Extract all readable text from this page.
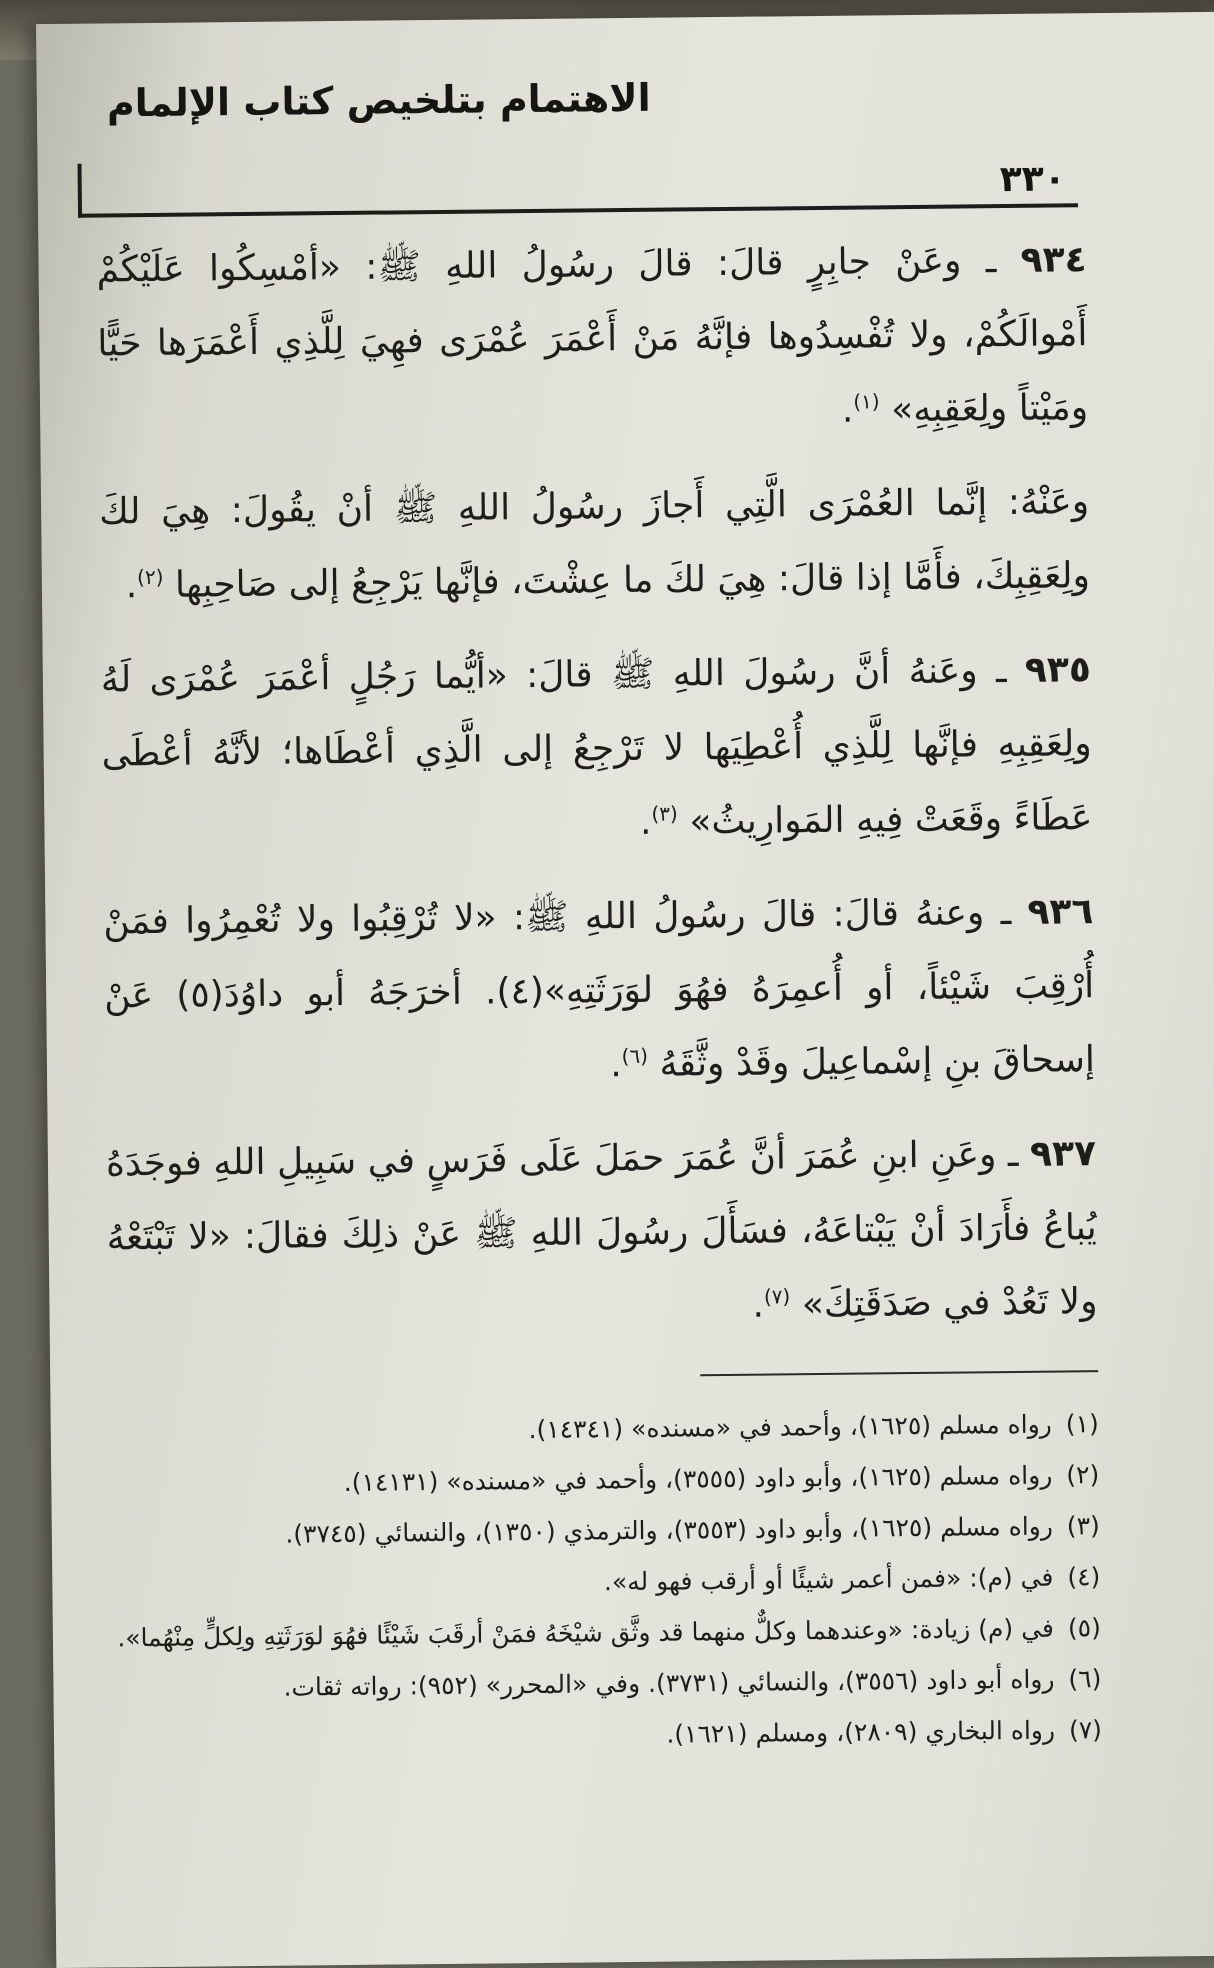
الاهتمام بتلخيص كتاب الإلمام
٣٣٠

٩٣٤ ـ وعَنْ جابِرٍ قالَ: قالَ رسُولُ اللهِ ﷺ: «أمْسِكُوا عَلَيْكُمْ أَمْوالَكُمْ، ولا تُفْسِدُوها فإنَّهُ مَنْ أَعْمَرَ عُمْرَى فهِيَ لِلَّذِي أَعْمَرَها حَيًّا ومَيْتاً ولِعَقِبِهِ» $^{(١)}$.

وعَنْهُ: إنَّما العُمْرَى الَّتِي أَجازَ رسُولُ اللهِ ﷺ أنْ يقُولَ: هِيَ لكَ ولِعَقِبِكَ، فأَمَّا إذا قالَ: هِيَ لكَ ما عِشْتَ، فإنَّها يَرْجِعُ إلى صَاحِبِها $^{(٢)}$.

٩٣٥ ـ وعَنهُ أنَّ رسُولَ اللهِ ﷺ قالَ: «أيُّما رَجُلٍ أعْمَرَ عُمْرَى لَهُ ولِعَقِبِهِ فإنَّها لِلَّذِي أُعْطِيَها لا تَرْجِعُ إلى الَّذِي أعْطَاها؛ لأنَّهُ أعْطَى عَطَاءً وقَعَتْ فِيهِ المَوارِيثُ» $^{(٣)}$.

٩٣٦ ـ وعنهُ قالَ: قالَ رسُولُ اللهِ ﷺ: «لا تُرْقِبُوا ولا تُعْمِرُوا فمَنْ أُرْقِبَ شَيْئاً، أو أُعمِرَهُ فهُوَ لوَرَثَتِهِ»(٤). أخرَجَهُ أبو داوُدَ(٥) عَنْ إسحاقَ بنِ إسْماعِيلَ وقَدْ وثَّقَهُ $^{(٦)}$.

٩٣٧ ـ وعَنِ ابنِ عُمَرَ أنَّ عُمَرَ حمَلَ عَلَى فَرَسٍ في سَبِيلِ اللهِ فوجَدَهُ يُباعُ فأَرَادَ أنْ يَبْتاعَهُ، فسَأَلَ رسُولَ اللهِ ﷺ عَنْ ذلِكَ فقالَ: «لا تَبْتَعْهُ ولا تَعُدْ في صَدَقَتِكَ» $^{(٧)}$.

(١)رواه مسلم (١٦٢٥)، وأحمد في «مسنده» (١٤٣٤١).

(٢)رواه مسلم (١٦٢٥)، وأبو داود (٣٥٥٥)، وأحمد في «مسنده» (١٤١٣١).

(٣)رواه مسلم (١٦٢٥)، وأبو داود (٣٥٥٣)، والترمذي (١٣٥٠)، والنسائي (٣٧٤٥).

(٤)في (م): «فمن أعمر شيئًا أو أرقب فهو له».

(٥)في (م) زيادة: «وعندهما وكلٌّ منهما قد وثَّق شيْخَهُ فمَنْ أرقَبَ شَيْئًا فهُوَ لوَرَثَتِهِ ولِكلٍّ مِنْهُما».

(٦)رواه أبو داود (٣٥٥٦)، والنسائي (٣٧٣١). وفي «المحرر» (٩٥٢): رواته ثقات.

(٧)رواه البخاري (٢٨٠٩)، ومسلم (١٦٢١).
